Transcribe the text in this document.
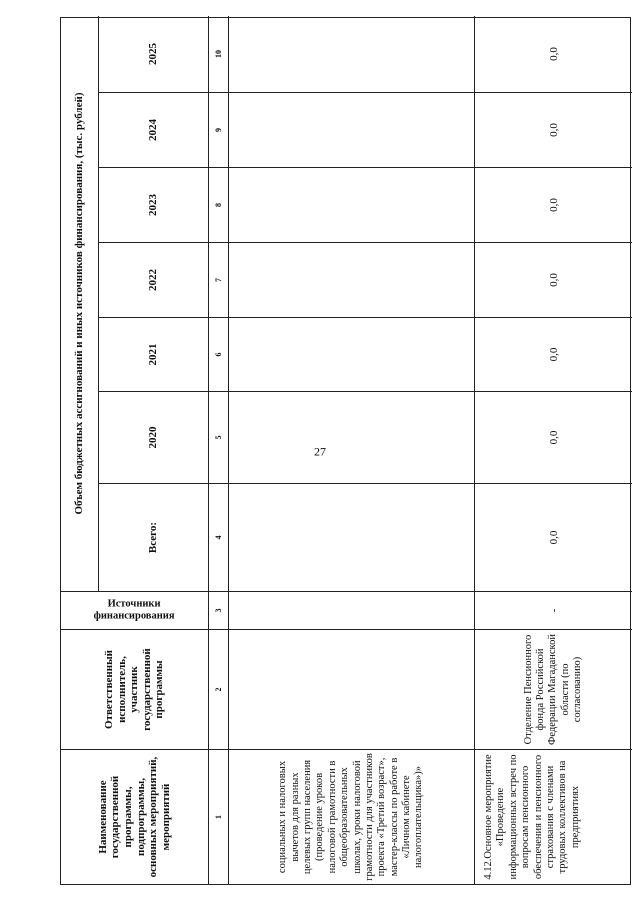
27
Наименование государственной программы, подпрограммы, основных мероприятий, мероприятий
Ответственный исполнитель, участник государственной программы
Источники финансирования
Объем бюджетных ассигнований и иных источников финансирования, (тыс. рублей)
Всего:
2020
2021
2022
2023
2024
2025
1
2
3
4
5
6
7
8
9
10
социальных и налоговых вычетов для разных целевых групп населения (проведение уроков налоговой грамотности в общеобразовательных школах, уроки налоговой грамотности для участников проекта «Третий возраст», мастер-классы по работе в «Личном кабинете налогоплательщика»)»	4.12.Основное мероприятие «Проведение информационных встреч по вопросам пенсионного обеспечения и пенсионного страхования с членами трудовых коллективов на предприятиях
Отделение Пенсионного фонда Российской Федерации Магаданской области (по согласованию)
-
0,0
0,0
0,0
0,0
0,0
0,0
0,0
